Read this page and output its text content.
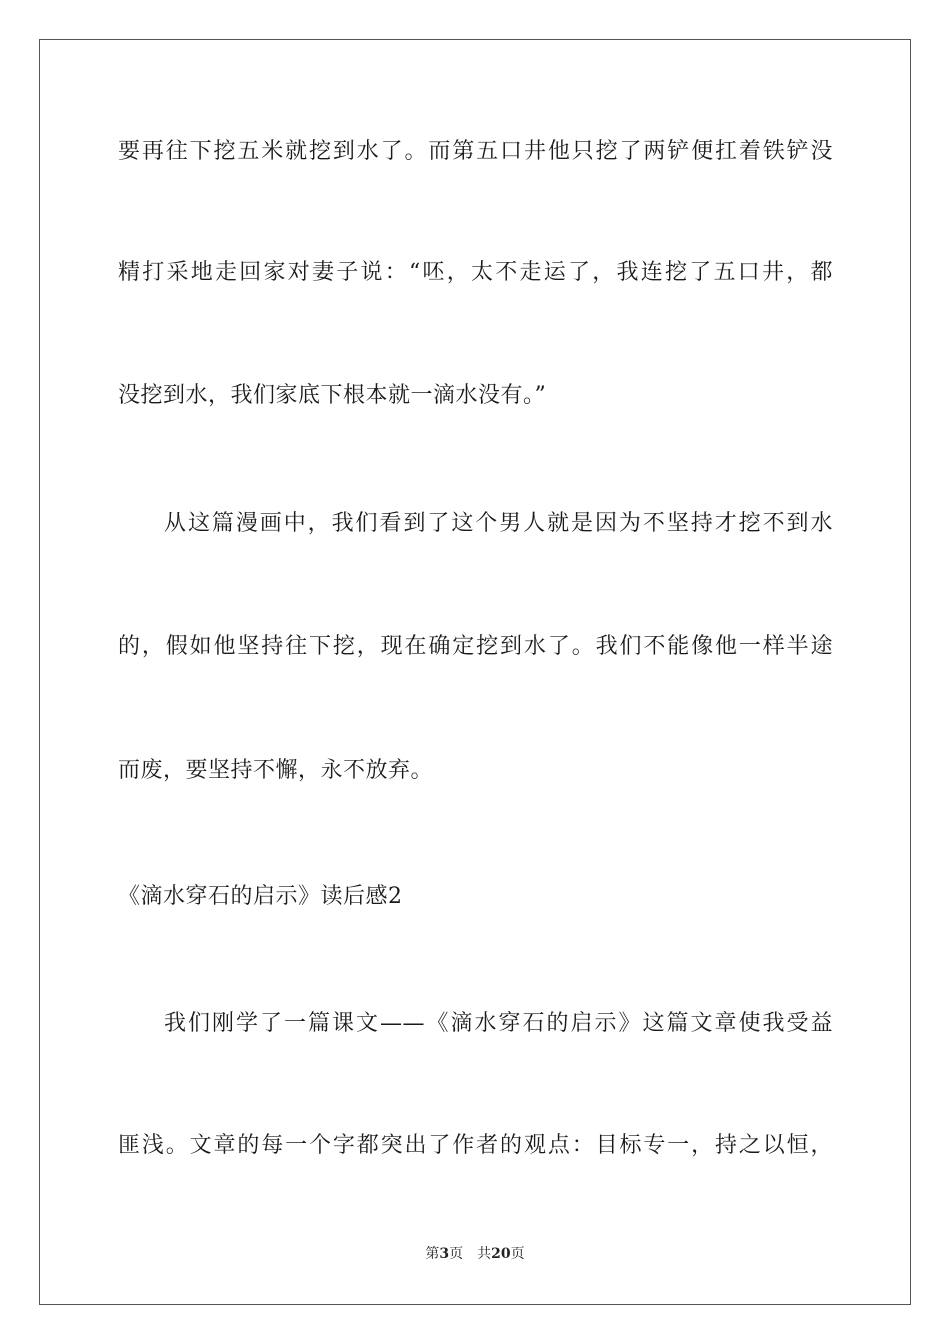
要再往下挖五米就挖到水了。而第五口井他只挖了两铲便扛着铁铲没
精打采地走回家对妻子说：“呸，太不走运了，我连挖了五口井，都
没挖到水，我们家底下根本就一滴水没有。”
从这篇漫画中，我们看到了这个男人就是因为不坚持才挖不到水
的，假如他坚持往下挖，现在确定挖到水了。我们不能像他一样半途
而废，要坚持不懈，永不放弃。
《滴水穿石的启示》读后感2
我们刚学了一篇课文——《滴水穿石的启示》这篇文章使我受益
匪浅。文章的每一个字都突出了作者的观点：目标专一，持之以恒，
第3页 共20页
